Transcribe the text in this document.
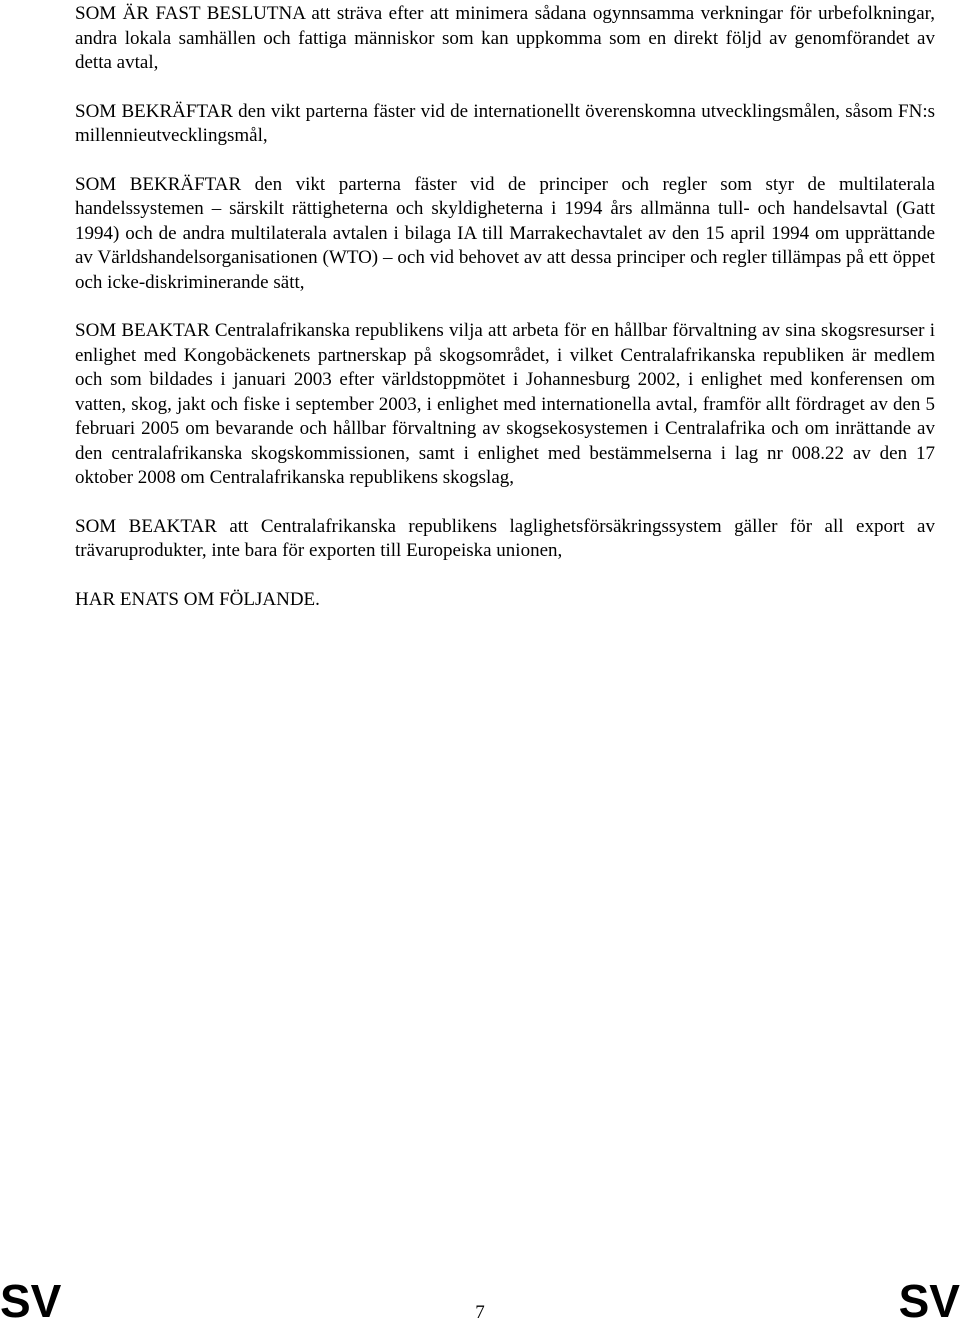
SOM ÄR FAST BESLUTNA att sträva efter att minimera sådana ogynnsamma verkningar för urbefolkningar, andra lokala samhällen och fattiga människor som kan uppkomma som en direkt följd av genomförandet av detta avtal,

SOM BEKRÄFTAR den vikt parterna fäster vid de internationellt överenskomna utvecklingsmålen, såsom FN:s millennieutvecklingsmål,

SOM BEKRÄFTAR den vikt parterna fäster vid de principer och regler som styr de multilaterala handelssystemen – särskilt rättigheterna och skyldigheterna i 1994 års allmänna tull- och handelsavtal (Gatt 1994) och de andra multilaterala avtalen i bilaga IA till Marrakechavtalet av den 15 april 1994 om upprättande av Världshandelsorganisationen (WTO) – och vid behovet av att dessa principer och regler tillämpas på ett öppet och icke-diskriminerande sätt,

SOM BEAKTAR Centralafrikanska republikens vilja att arbeta för en hållbar förvaltning av sina skogsresurser i enlighet med Kongobäckenets partnerskap på skogsområdet, i vilket Centralafrikanska republiken är medlem och som bildades i januari 2003 efter världstoppmötet i Johannesburg 2002, i enlighet med konferensen om vatten, skog, jakt och fiske i september 2003, i enlighet med internationella avtal, framför allt fördraget av den 5 februari 2005 om bevarande och hållbar förvaltning av skogsekosystemen i Centralafrika och om inrättande av den centralafrikanska skogskommissionen, samt i enlighet med bestämmelserna i lag nr 008.22 av den 17 oktober 2008 om Centralafrikanska republikens skogslag,

SOM BEAKTAR att Centralafrikanska republikens laglighetsförsäkringssystem gäller för all export av trävaruprodukter, inte bara för exporten till Europeiska unionen,

HAR ENATS OM FÖLJANDE.

SV	7	SV
